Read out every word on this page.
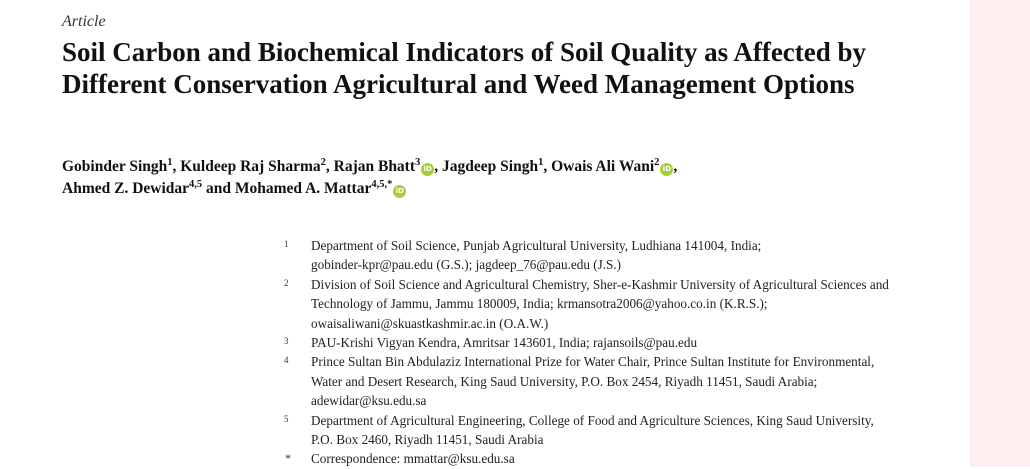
Article
Soil Carbon and Biochemical Indicators of Soil Quality as Affected by Different Conservation Agricultural and Weed Management Options
Gobinder Singh$^1$, Kuldeep Raj Sharma$^2$, Rajan Bhatt$^3$iD , Jagdeep Singh$^1$, Owais Ali Wani$^2$iD ,
Ahmed Z. Dewidar$^{4,5}$ and Mohamed A. Mattar$^{4,5,*}$iD
1 Department of Soil Science, Punjab Agricultural University, Ludhiana 141004, India;
gobinder-kpr@pau.edu (G.S.); jagdeep_76@pau.edu (J.S.)
2 Division of Soil Science and Agricultural Chemistry, Sher-e-Kashmir University of Agricultural Sciences and
Technology of Jammu, Jammu 180009, India; krmansotra2006@yahoo.co.in (K.R.S.);
owaisaliwani@skuastkashmir.ac.in (O.A.W.)
3 PAU-Krishi Vigyan Kendra, Amritsar 143601, India; rajansoils@pau.edu
4 Prince Sultan Bin Abdulaziz International Prize for Water Chair, Prince Sultan Institute for Environmental,
Water and Desert Research, King Saud University, P.O. Box 2454, Riyadh 11451, Saudi Arabia;
adewidar@ksu.edu.sa
5 Department of Agricultural Engineering, College of Food and Agriculture Sciences, King Saud University,
P.O. Box 2460, Riyadh 11451, Saudi Arabia
* Correspondence: mmattar@ksu.edu.sa
